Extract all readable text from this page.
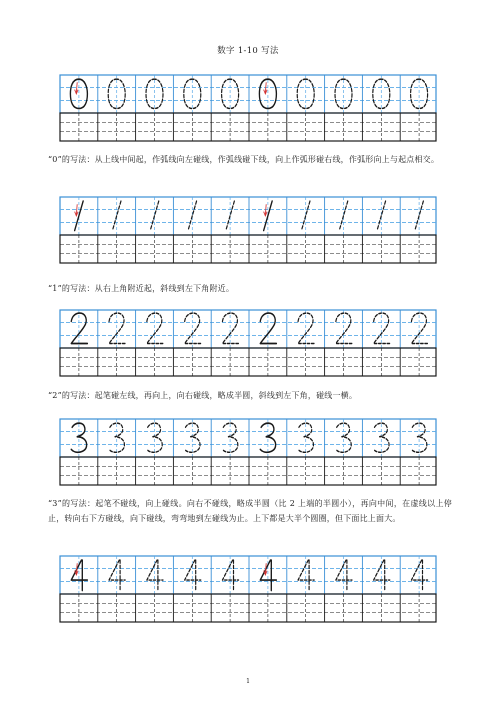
数字 1-10 写法
“0”的写法：从上线中间起，作弧线向左碰线，作弧线碰下线，向上作弧形碰右线，作弧形向上与起点相交。
“1”的写法：从右上角附近起，斜线到左下角附近。
“2”的写法：起笔碰左线，再向上，向右碰线，略成半圆，斜线到左下角，碰线一横。
“3”的写法：起笔不碰线，向上碰线。向右不碰线，略成半圆（比 2 上端的半圆小），再向中间，在虚线以上停止，转向右下方碰线，向下碰线，弯弯地到左碰线为止。上下都是大半个圆圈，但下面比上面大。
1
